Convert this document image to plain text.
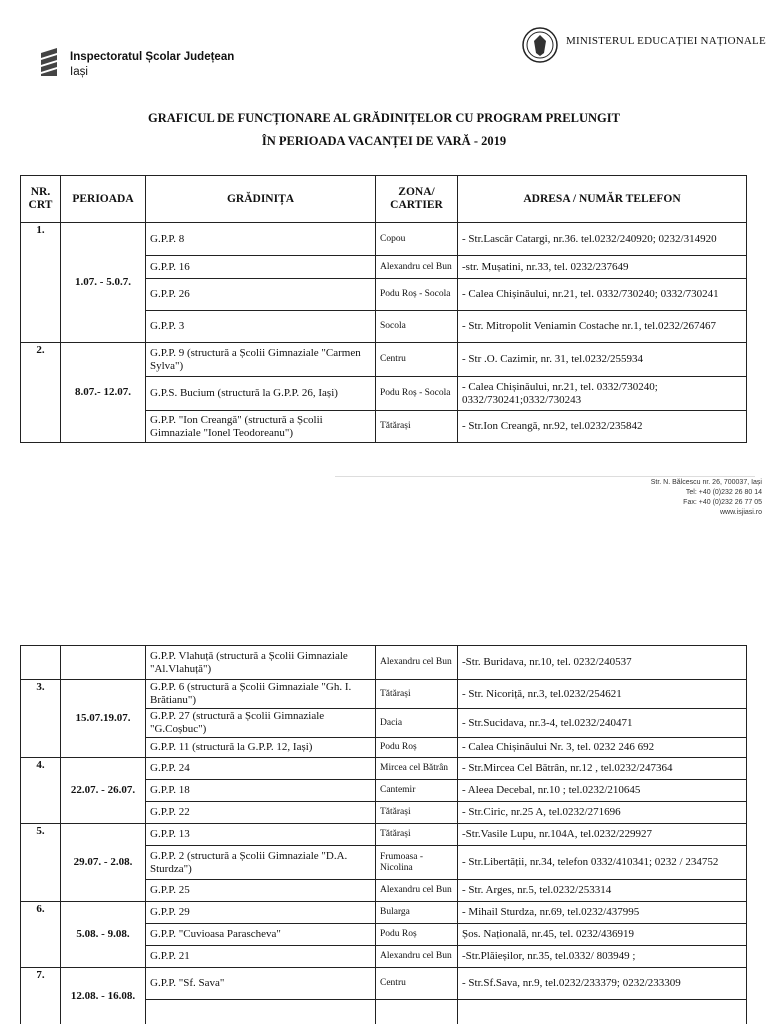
Inspectoratul Școlar Județean
Iași
MINISTERUL EDUCAȚIEI NAȚIONALE
GRAFICUL DE FUNCȚIONARE AL GRĂDINIȚELOR CU PROGRAM PRELUNGIT
ÎN PERIOADA VACANȚEI DE VARĂ - 2019
NR. CRT	PERIOADA	GRĂDINIȚA	ZONA/ CARTIER	ADRESA / NUMĂR TELEFON
1.	1.07. - 5.0.7.	G.P.P. 8	Copou	- Str.Lascăr Catargi, nr.36. tel.0232/240920; 0232/314920
		G.P.P. 16	Alexandru cel Bun	-str. Mușatini, nr.33, tel. 0232/237649
		G.P.P. 26	Podu Roș - Socola	- Calea Chișinăului, nr.21, tel. 0332/730240; 0332/730241
		G.P.P. 3	Socola	- Str. Mitropolit Veniamin Costache nr.1, tel.0232/267467
2.	8.07.- 12.07.	G.P.P. 9 (structură a Școlii Gimnaziale "Carmen Sylva")	Centru	- Str .O. Cazimir, nr. 31, tel.0232/255934
		G.P.S. Bucium (structură la G.P.P. 26, Iași)	Podu Roș - Socola	- Calea Chișinăului, nr.21, tel. 0332/730240; 0332/730241;0332/730243
		G.P.P. "Ion Creangă" (structură a Școlii Gimnaziale "Ionel Teodoreanu")	Tătărași	- Str.Ion Creangă, nr.92, tel.0232/235842
Str. N. Bălcescu nr. 26, 700037, Iași
Tel: +40 (0)232 26 80 14
Fax: +40 (0)232 26 77 05
www.isjiasi.ro
		G.P.P. Vlahuță (structură a Școlii Gimnaziale "Al.Vlahuță")	Alexandru cel Bun	-Str. Buridava, nr.10, tel. 0232/240537
3.	15.07.19.07.	G.P.P. 6 (structură a Școlii Gimnaziale "Gh. I. Brătianu")	Tătărași	- Str. Nicoriță, nr.3, tel.0232/254621
		G.P.P. 27 (structură a Școlii Gimnaziale "G.Coșbuc")	Dacia	- Str.Sucidava, nr.3-4, tel.0232/240471
		G.P.P. 11 (structură la G.P.P. 12, Iași)	Podu Roș	- Calea Chișinăului Nr. 3, tel. 0232 246 692
4.	22.07. - 26.07.	G.P.P. 24	Mircea cel Bătrân	- Str.Mircea Cel Bătrân, nr.12 , tel.0232/247364
		G.P.P. 18	Cantemir	- Aleea Decebal, nr.10 ; tel.0232/210645
		G.P.P. 22	Tătărași	- Str.Ciric, nr.25 A, tel.0232/271696
5.	29.07. - 2.08.	G.P.P. 13	Tătărași	-Str.Vasile Lupu, nr.104A, tel.0232/229927
		G.P.P. 2 (structură a Școlii Gimnaziale "D.A. Sturdza")	Frumoasa - Nicolina	- Str.Libertății, nr.34, telefon 0332/410341; 0232 / 234752
		G.P.P. 25	Alexandru cel Bun	- Str. Arges, nr.5, tel.0232/253314
6.	5.08. - 9.08.	G.P.P. 29	Bularga	- Mihail Sturdza, nr.69, tel.0232/437995
		G.P.P. "Cuvioasa Parascheva"	Podu Roș	Șos. Națională, nr.45, tel. 0232/436919
		G.P.P. 21	Alexandru cel Bun	-Str.Plăieșilor, nr.35, tel.0332/ 803949 ;
7.	12.08. - 16.08.	G.P.P. "Sf. Sava"	Centru	- Str.Sf.Sava, nr.9, tel.0232/233379; 0232/233309
